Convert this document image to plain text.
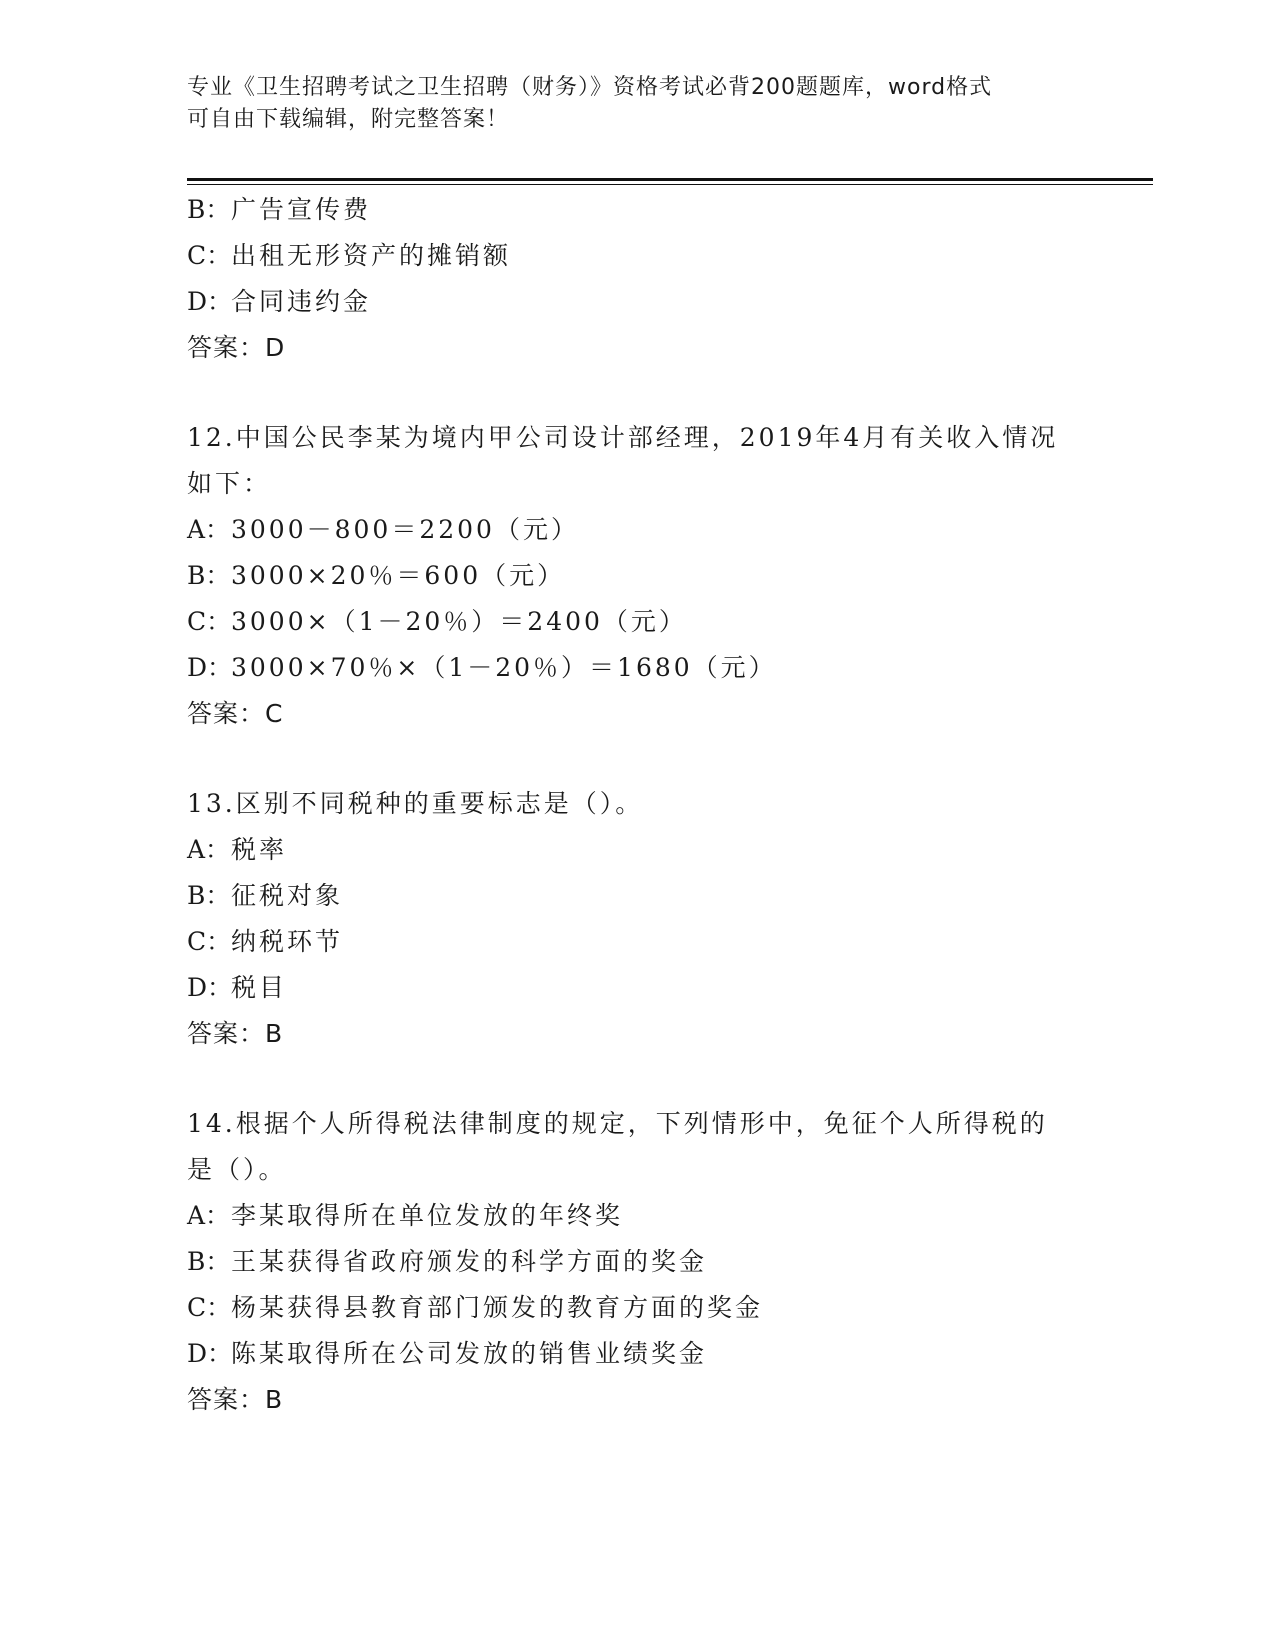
专业《卫生招聘考试之卫生招聘（财务）》资格考试必背200题题库，word格式
可自由下载编辑，附完整答案！
B：广告宣传费
C：出租无形资产的摊销额
D：合同违约金
答案：D
12.中国公民李某为境内甲公司设计部经理，2019年4月有关收入情况
如下：
A：3000－800＝2200（元）
B：3000×20％＝600（元）
C：3000×（1－20％）＝2400（元）
D：3000×70％×（1－20％）＝1680（元）
答案：C
13.区别不同税种的重要标志是（）。
A：税率
B：征税对象
C：纳税环节
D：税目
答案：B
14.根据个人所得税法律制度的规定，下列情形中，免征个人所得税的
是（）。
A：李某取得所在单位发放的年终奖
B：王某获得省政府颁发的科学方面的奖金
C：杨某获得县教育部门颁发的教育方面的奖金
D：陈某取得所在公司发放的销售业绩奖金
答案：B
